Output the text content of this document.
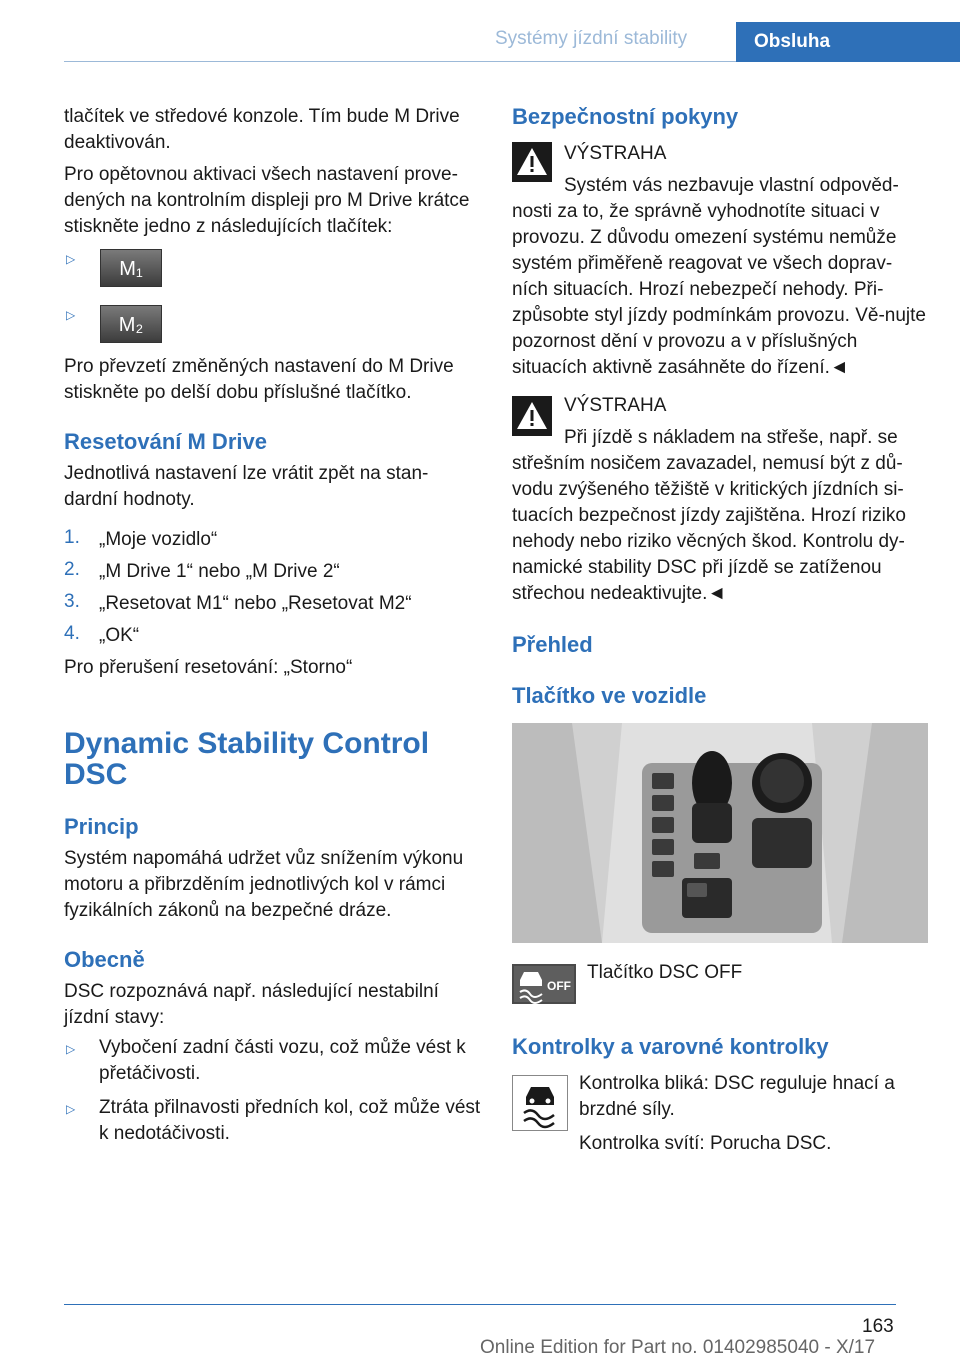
Systémy jízdní stability	Obsluha

tlačítek ve středové konzole. Tím bude M Drive deaktivován.

Pro opětovnou aktivaci všech nastavení prove‐dených na kontrolním displeji pro M Drive krátce stiskněte jedno z následujících tlačítek:

▷	M₁
▷	M₂

Pro převzetí změněných nastavení do M Drive stiskněte po delší dobu příslušné tlačítko.

Resetování M Drive

Jednotlivá nastavení lze vrátit zpět na stan‐dardní hodnoty.

1. „Moje vozidlo“
2. „M Drive 1“ nebo „M Drive 2“
3. „Resetovat M1“ nebo „Resetovat M2“
4. „OK“
Pro přerušení resetování: „Storno“
Dynamic Stability Control DSC
Princip

Systém napomáhá udržet vůz snížením výkonu motoru a přibrzděním jednotlivých kol v rámci fyzikálních zákonů na bezpečné dráze.

Obecně

DSC rozpoznává např. následující nestabilní jízdní stavy:

▷ Vybočení zadní části vozu, což může vést k přetáčivosti.
▷ Ztráta přilnavosti předních kol, což může vést k nedotáčivosti.
Bezpečnostní pokyny
VÝSTRAHA

Systém vás nezbavuje vlastní odpověd‐nosti za to, že správně vyhodnotíte situaci v provozu. Z důvodu omezení systému nemůže systém přiměřeně reagovat ve všech doprav‐ních situacích. Hrozí nebezpečí nehody. Při‐způsobte styl jízdy podmínkám provozu. Vě‐nujte pozornost dění v provozu a v příslušných situacích aktivně zasáhněte do řízení.◄

VÝSTRAHA

Při jízdě s nákladem na střeše, např. se střešním nosičem zavazadel, nemusí být z dů‐vodu zvýšeného těžiště v kritických jízdních si‐tuacích bezpečnost jízdy zajištěna. Hrozí riziko nehody nebo riziko věcných škod. Kontrolu dy‐namické stability DSC při jízdě se zatíženou střechou nedeaktivujte.◄

Přehled
Tlačítko ve vozidle
OFF
Tlačítko DSC OFF
Kontrolky a varovné kontrolky

Kontrolka bliká: DSC reguluje hnací a brzdné síly.

Kontrolka svítí: Porucha DSC.

163
Online Edition for Part no. 01402985040 - X/17
